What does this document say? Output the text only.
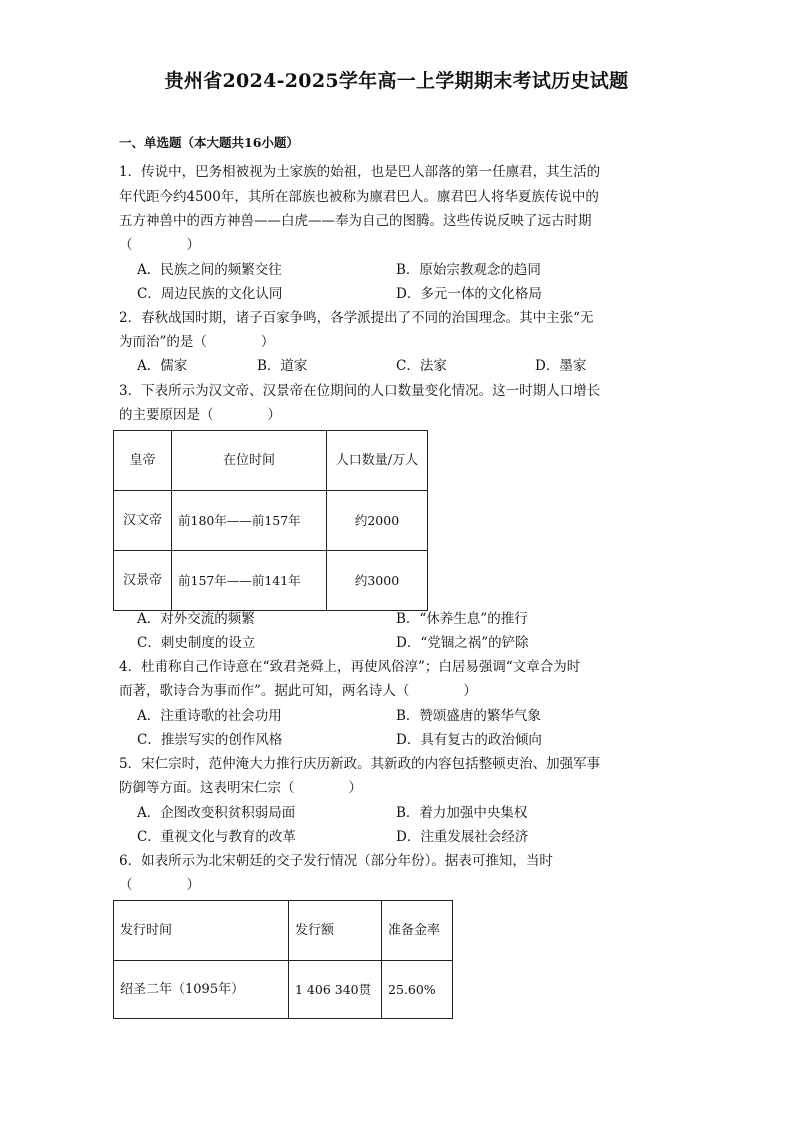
贵州省2024-2025学年高一上学期期末考试历史试题
一、单选题（本大题共16小题）
1．传说中，巴务相被视为土家族的始祖，也是巴人部落的第一任廪君，其生活的
年代距今约4500年，其所在部族也被称为廪君巴人。廪君巴人将华夏族传说中的
五方神兽中的西方神兽——白虎——奉为自己的图腾。这些传说反映了远古时期
（　　　　）
A．民族之间的频繁交往	B．原始宗教观念的趋同
C．周边民族的文化认同	D．多元一体的文化格局
2．春秋战国时期，诸子百家争鸣，各学派提出了不同的治国理念。其中主张“无
为而治”的是（　　　　）
A．儒家	B．道家	C．法家	D．墨家
3．下表所示为汉文帝、汉景帝在位期间的人口数量变化情况。这一时期人口增长
的主要原因是（　　　　）
皇帝	在位时间	人口数量/万人
汉文帝	前180年——前157年	约2000
汉景帝	前157年——前141年	约3000
A．对外交流的频繁	B．“休养生息”的推行
C．刺史制度的设立	D．“党锢之祸”的铲除
4．杜甫称自己作诗意在“致君尧舜上，再使风俗淳”；白居易强调“文章合为时
而著，歌诗合为事而作”。据此可知，两名诗人（　　　　）
A．注重诗歌的社会功用	B．赞颂盛唐的繁华气象
C．推崇写实的创作风格	D．具有复古的政治倾向
5．宋仁宗时，范仲淹大力推行庆历新政。其新政的内容包括整顿吏治、加强军事
防御等方面。这表明宋仁宗（　　　　）
A．企图改变积贫积弱局面	B．着力加强中央集权
C．重视文化与教育的改革	D．注重发展社会经济
6．如表所示为北宋朝廷的交子发行情况（部分年份）。据表可推知，当时
（　　　　）
发行时间	发行额	准备金率
绍圣二年（1095年）	1 406 340贯	25.60%
